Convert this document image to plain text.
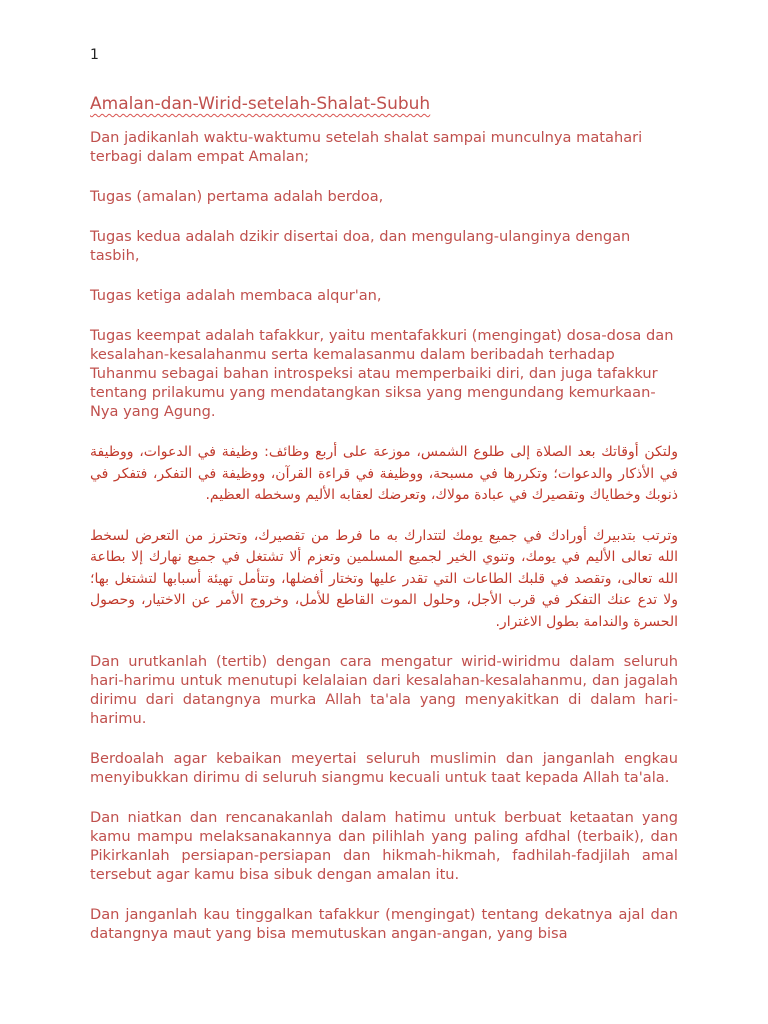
1
Amalan-dan-Wirid-setelah-Shalat-Subuh

Dan jadikanlah waktu-waktumu setelah shalat sampai munculnya matahari terbagi dalam empat Amalan;

Tugas (amalan) pertama adalah berdoa,

Tugas kedua adalah dzikir disertai doa, dan mengulang-ulanginya dengan tasbih,

Tugas ketiga adalah membaca alqur'an,

Tugas keempat adalah tafakkur, yaitu mentafakkuri (mengingat) dosa-dosa dan kesalahan-kesalahanmu serta kemalasanmu dalam beribadah terhadap Tuhanmu sebagai bahan introspeksi atau memperbaiki diri, dan juga tafakkur tentang prilakumu yang mendatangkan siksa yang mengundang kemurkaan-Nya yang Agung.

ولتكن أوقاتك بعد الصلاة إلى طلوع الشمس، موزعة على أربع وظائف: وظيفة في الدعوات، ووظيفة في الأذكار والدعوات؛ وتكررها في مسبحة، ووظيفة في قراءة القرآن، ووظيفة في التفكر، فتفكر في ذنوبك وخطاياك وتقصيرك في عبادة مولاك، وتعرضك لعقابه الأليم وسخطه العظيم.

وترتب بتدبيرك أورادك في جميع يومك لتتدارك به ما فرط من تقصيرك، وتحترز من التعرض لسخط الله تعالى الأليم في يومك، وتنوي الخير لجميع المسلمين وتعزم ألا تشتغل في جميع نهارك إلا بطاعة الله تعالى، وتقصد في قلبك الطاعات التي تقدر عليها وتختار أفضلها، وتتأمل تهيئة أسبابها لتشتغل بها؛ ولا تدع عنك التفكر في قرب الأجل، وحلول الموت القاطع للأمل، وخروج الأمر عن الاختيار، وحصول الحسرة والندامة بطول الاغترار.

Dan urutkanlah (tertib) dengan cara mengatur wirid-wiridmu dalam seluruh hari-harimu untuk menutupi kelalaian dari kesalahan-kesalahanmu, dan jagalah dirimu dari datangnya murka Allah ta'ala yang menyakitkan di dalam hari-harimu.

Berdoalah agar kebaikan meyertai seluruh muslimin dan janganlah engkau menyibukkan dirimu di seluruh siangmu kecuali untuk taat kepada Allah ta'ala.

Dan niatkan dan rencanakanlah dalam hatimu untuk berbuat ketaatan yang kamu mampu melaksanakannya dan pilihlah yang paling afdhal (terbaik), dan Pikirkanlah persiapan-persiapan dan hikmah-hikmah, fadhilah-fadjilah amal tersebut agar kamu bisa sibuk dengan amalan itu.

Dan janganlah kau tinggalkan tafakkur (mengingat) tentang dekatnya ajal dan datangnya maut yang bisa memutuskan angan-angan, yang bisa
